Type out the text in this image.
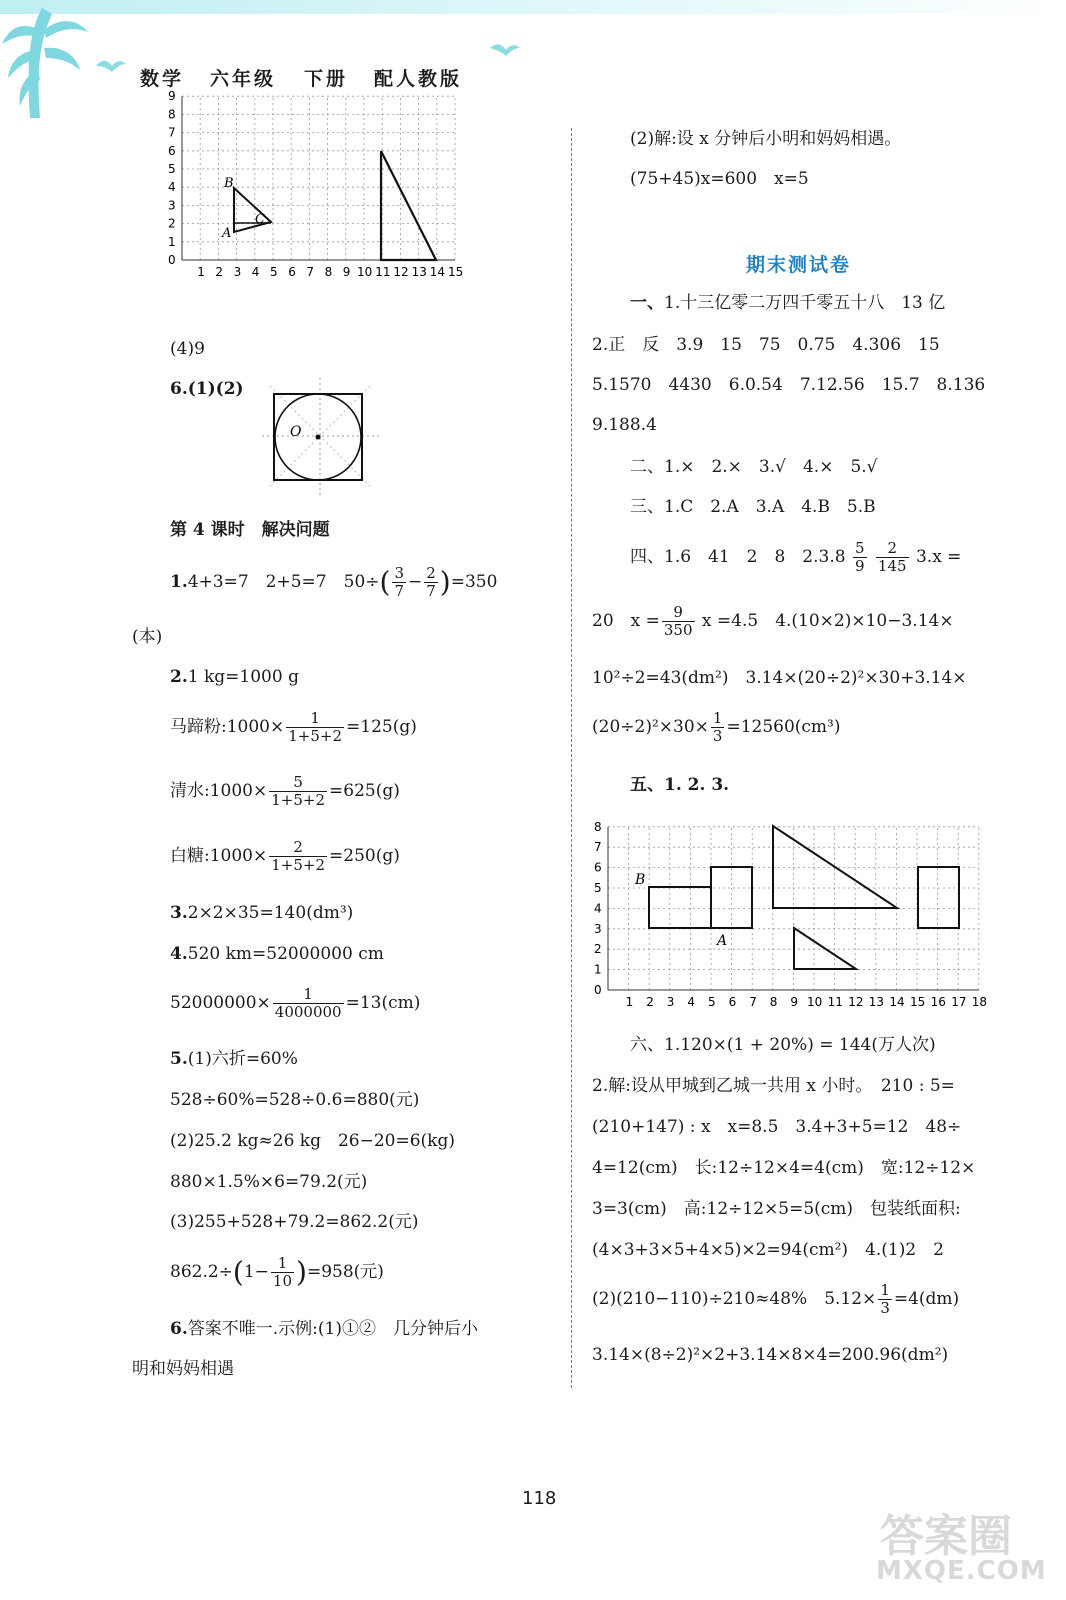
数学 六年级 下册 配人教版
0
1
2
3
4
5
6
7
8
9
1 2 3 4 5 6 7 8 9 10 11 12 13 14 15
B
C
A
(4)9
6.(1)(2)
O
第 4 课时　解决问题
1.4+3=7　2+5=7　$50\div( \frac{3}{7} - \frac{2}{7} )=350$
(本)
2.1 kg=1000 g
马蹄粉:1000× $\frac{1}{1+5+2} =125(g)$
清水:1000× $\frac{5}{1+5+2} =625(g)$
白糖:1000× $\frac{2}{1+5+2} =250(g)$
3.2×2×35=140(dm³)
4.520 km=52000000 cm
$52000000\times \frac{1}{4000000} =13(cm)$
5.(1)六折=60%
528÷60%=528÷0.6=880(元)
(2)25.2 kg≈26 kg　26−20=6(kg)
880×1.5%×6=79.2(元)
(3)255+528+79.2=862.2(元)
$862.2\div(1- \frac{1}{10} )=958$(元)
6.答案不唯一.示例:(1)①②　几分钟后小
明和妈妈相遇
(2)解:设 x 分钟后小明和妈妈相遇。
(75+45)x=600　x=5
期末测试卷
一、1.十三亿零二万四千零五十八　13 亿
2.正　反　3.9　15　75　0.75　4.306　15
5.1570　4430　6.0.54　7.12.56　15.7　8.136
9.188.4
二、1.×　2.×　3.√　4.×　5.√
三、1.C　2.A　3.A　4.B　5.B
四、1.6　41　2　8　$2.3.8 \frac{5}{9}$
$\frac{2}{145} 3.x$ =
20　$x = \frac{9}{350}$ x =4.5　4.(10×2)×10−3.14×
10²÷2=43(dm²)　3.14×(20÷2)²×30+3.14×
$(20\div 2)^2\times 30\times \frac{1}{3} =12560(cm^3)$
五、1. 2. 3.
0
1
2
3
4
5
6
7
8
1 2 3 4 5 6 7 8 9 10 11 12 13 14 15 16 17 18
B
A
六、1.120×(1 + 20%) = 144(万人次)
2.解:设从甲城到乙城一共用 x 小时。　210 : 5=
(210+147) : x　x=8.5　3.4+3+5=12　48÷
4=12(cm)　长:12÷12×4=4(cm)　宽:12÷12×
3=3(cm)　高:12÷12×5=5(cm)　包装纸面积:
(4×3+3×5+4×5)×2=94(cm²)　4.(1)2　2
(2)(210−110)÷210≈48%　$5.12\times \frac{1}{3} =4(dm)$
3.14×(8÷2)²×2+3.14×8×4=200.96(dm²)
118
答案圈
MXQE.COM
